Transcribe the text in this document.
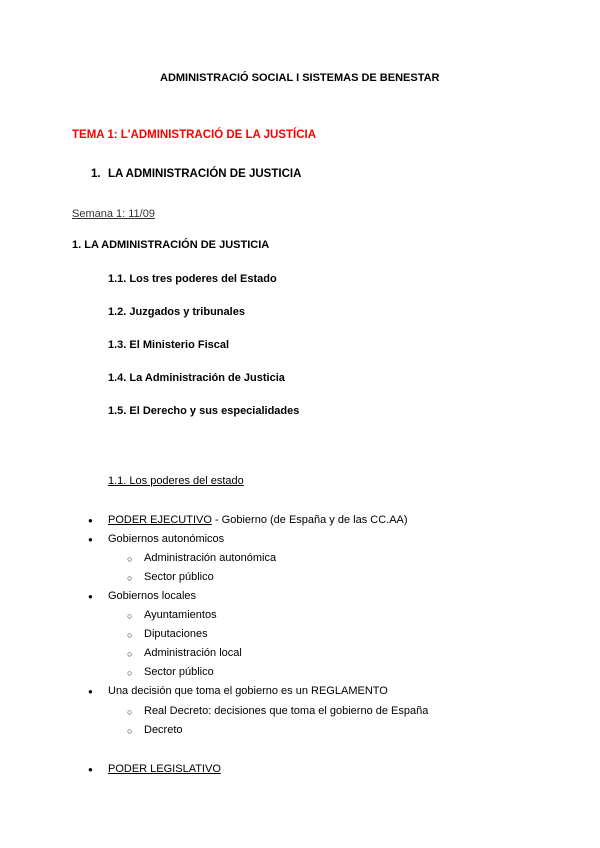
ADMINISTRACIÓ SOCIAL I SISTEMAS DE BENESTAR
TEMA 1: L'ADMINISTRACIÓ DE LA JUSTÍCIA
1. LA ADMINISTRACIÓN DE JUSTICIA
Semana 1: 11/09
1. LA ADMINISTRACIÓN DE JUSTICIA
1.1. Los tres poderes del Estado
1.2. Juzgados y tribunales
1.3. El Ministerio Fiscal
1.4. La Administración de Justicia
1.5. El Derecho y sus especialidades
1.1. Los poderes del estado
● PODER EJECUTIVO - Gobierno (de España y de las CC.AA)
● Gobiernos autonómicos
○ Administración autonómica
○ Sector público
● Gobiernos locales
○ Ayuntamientos
○ Diputaciones
○ Administración local
○ Sector público
● Una decisión que toma el gobierno es un REGLAMENTO
○ Real Decreto: decisiones que toma el gobierno de España
○ Decreto
● PODER LEGISLATIVO
